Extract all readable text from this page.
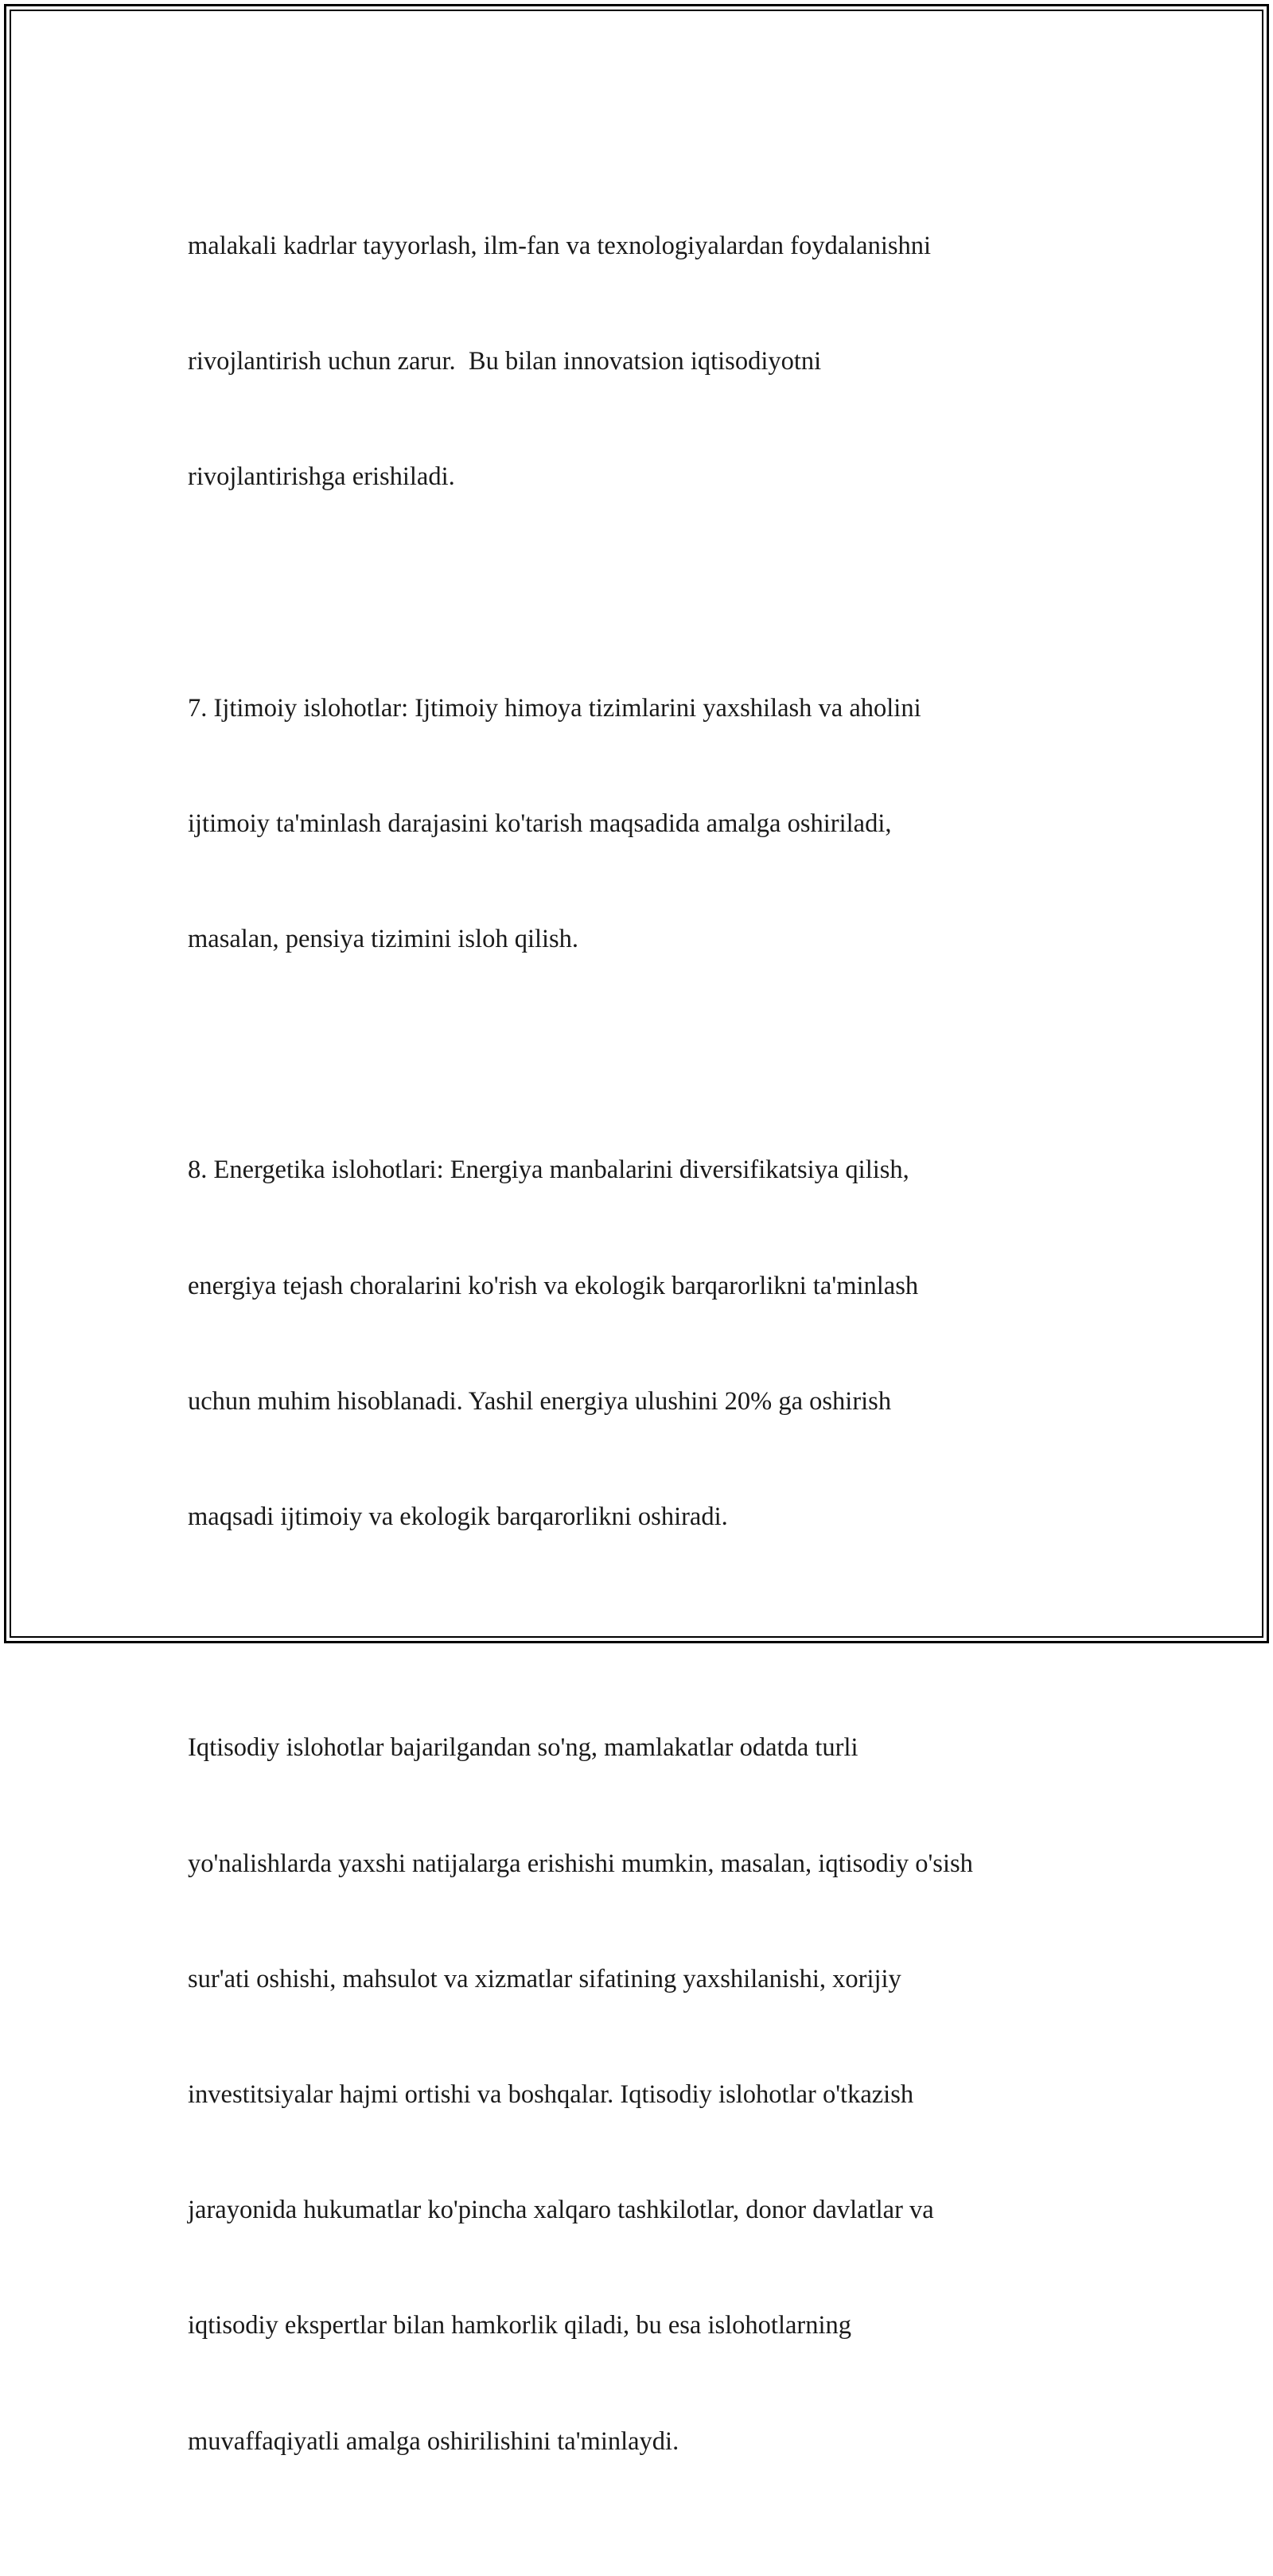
malakali kadrlar tayyorlash, ilm-fan va texnologiyalardan foydalanishni

rivojlantirish uchun zarur.  Bu bilan innovatsion iqtisodiyotni

rivojlantirishga erishiladi.

7. Ijtimoiy islohotlar: Ijtimoiy himoya tizimlarini yaxshilash va aholini

ijtimoiy ta'minlash darajasini ko'tarish maqsadida amalga oshiriladi,

masalan, pensiya tizimini isloh qilish.

8. Energetika islohotlari: Energiya manbalarini diversifikatsiya qilish,

energiya tejash choralarini ko'rish va ekologik barqarorlikni ta'minlash

uchun muhim hisoblanadi. Yashil energiya ulushini 20% ga oshirish

maqsadi ijtimoiy va ekologik barqarorlikni oshiradi.

Iqtisodiy islohotlar bajarilgandan so'ng, mamlakatlar odatda turli

yo'nalishlarda yaxshi natijalarga erishishi mumkin, masalan, iqtisodiy o'sish

sur'ati oshishi, mahsulot va xizmatlar sifatining yaxshilanishi, xorijiy

investitsiyalar hajmi ortishi va boshqalar. Iqtisodiy islohotlar o'tkazish

jarayonida hukumatlar ko'pincha xalqaro tashkilotlar, donor davlatlar va

iqtisodiy ekspertlar bilan hamkorlik qiladi, bu esa islohotlarning

muvaffaqiyatli amalga oshirilishini ta'minlaydi.
